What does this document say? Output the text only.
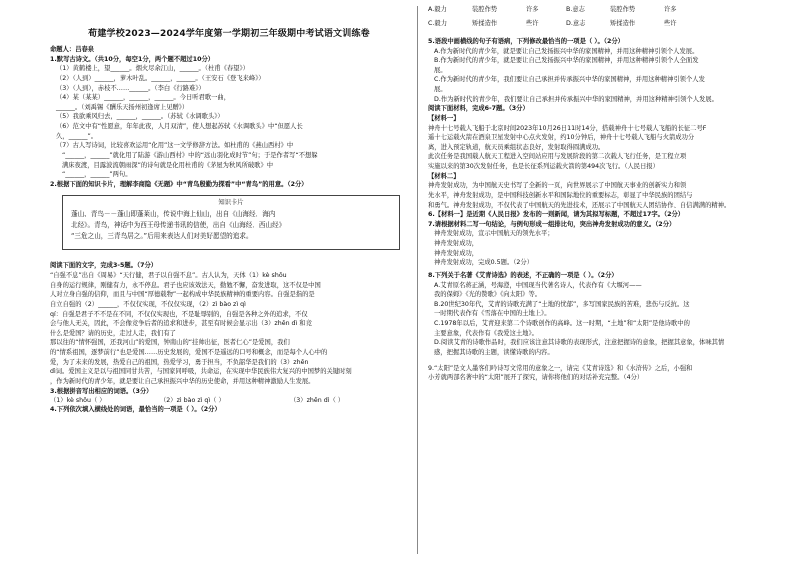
荀建学校2023—2024学年度第一学期初三年级期中考试语文训练卷
命题人：吕春泉
1.默写古诗文。（共10分，每空1分，两个题不超过10分）
（1）黄鹤楼上，望______。烟火尽余江山，______。（杜甫《春望》）
（2）（人到）______，萝木叶乱。______，______。（王安石《登飞来峰》）
（3）（人到），赤枝不……______。（李白《行路难》）
（4）某（某某）______，______，______。今日听君歌一曲，
______。（刘禹锡《酬乐天扬州初逢席上见赠》）
（5）我欲乘风归去，______，______。（苏轼《水调歌头》）
（6）范文中有“性愿意，年年此夜，人月双清”，使人想起苏轼《水调歌头》中“但愿人长
久，______”。
（7）古人写诗词，比较喜欢运用“化用”这一文学修辞方法。如杜甫的《燕山西村》中
“______，______”就化用了陆游《游山西村》中的“远山羽化成时节”句；于是作者写“不想躲
满床夜渡，目露波流朝雨深”的诗句就是化用杜甫的《茅屋为秋风所破歌》中
“______，______”两句。
2.根据下面的知识卡片，理解李商隐《无题》中“青鸟殷勤为探看”中“青鸟”的用意。（2分）
知识卡片
蓬山、青鸟－－蓬山即蓬莱山，传说中海上仙山，出自《山海经．海内
北经》。青鸟，神话中为西王母传递书讯的信使，出自《山海经．西山经》
“三危之山，三青鸟居之。”后用来表达人们对美好愿望的追求。
阅读下面的文字，完成3-5题。（7分）
“自强不息”出自《周易》“天行健，君子以自强不息”。古人认为，天体（1）kè shōu
自身的运行规律，刚健有力，永不停息。君子也应该效法天，勤勉不懈，奋发进取，这不仅是中国
人对立身自强的信仰，而且与中国“厚德载物”一起构成中华民族精神的重要内容。自强是指的是
自立自强的（2）______，不仅仅实现，不仅仅实现，（2）zì bào zì qì
qí：自强是君子不不是在不同，不仅仅实现也，不是耻辱别的，自强是各种之外的追求，不仅
会与他人无关，因此，不会像竞争后者的追求和进步，甚至有时候会显示出（3）zhēn dì 和竞
什么是爱国？请的历史，走过人走，我们有了
那以往的“情怀强国，还我河山”的爱国，钟南山的“挂帅出征，医者仁心”是爱国，我们
的“情系祖国，逐梦前行”也是爱国……历史发展的，爱国不是遥远的口号和概念，而是每个人心中的
爱，为了未来的发展，热爱自己的祖国，热爱学习，勇于担当，不负韶华是我们的（3）zhēn
dì词。爱国主义是以与祖国同甘共苦，与国家同呼吸，共命运，在实现中华民族伟大复兴的中国梦的关键时刻
，作为新时代的青少年，就是要让自己承担振兴中华的历史使命，并用这种精神激励人生发展。
3.根据拼音写出相应的词语。（3分）
（1）kè shōu（ ）	（2）zì bào zì qì（ ）	（3）zhēn dì（ ）
4.下列依次填入横线处的词语，最恰当的一项是（ ）。（2分）
A.毅力	装腔作势	许多	B.意志	装腔作势	许多
C.毅力	矫揉造作	些许	D.意志	矫揉造作	些许
5.语段中画横线的句子有语病，下列修改最恰当的一项是（ ）。（2分）
A.作为新时代的青少年，就是要让自己发扬振兴中华的家国精神，并用这种精神引领个人发展。
B.作为新时代的青少年，就是要让自己发扬振兴中华的家国精神，并用这种精神引领个人全面发
展。
C.作为新时代的青少年，我们要让自己承担并传承振兴中华的家国精神，并用这种精神引领个人发
展。
D.作为新时代的青少年，我们要让自己承担并传承振兴中华的家国精神，并用这种精神引领个人发展。
阅读下面材料，完成6-7题。（3分）
【材料一】
神舟十七号载人飞船于北京时间2023年10月26日11时14分，搭载神舟十七号载人飞船的长征二号F
遥十七运载火箭在酒泉卫星发射中心点火发射，约10分钟后，神舟十七号载人飞船与火箭成功分
离，进入预定轨道，航天员乘组状态良好，发射取得圆满成功。
此次任务是我国载人航天工程进入空间站应用与发展阶段的第二次载人飞行任务，是工程立项
实施以来的第30次发射任务，也是长征系列运载火箭的第494次飞行。（人民日报）
【材料二】
神舟发射成功，为中国航天史书写了全新的一页，向世界展示了中国航天事业的创新实力和领
先水平，神舟发射成功，是中国科技创新水平和国际地位的重要标志，彰显了中华民族的团结与
和勇气。神舟发射成功，不仅代表了中国航天的先进技术，还展示了中国航天人团结协作、自信满满的精神。
6.【材料一】是近期《人民日报》发布的一则新闻，请为其拟写标题，不超过17字。（2分）
7.请根据材料二写一句结论，与例句形成一组排比句，突出神舟发射成功的意义。（2分）
神舟发射成功，宣示中国航天的领先水平；
神舟发射成功，
神舟发射成功，
神舟发射成功，完成0.5题。（2分）
8.下列关于名著《艾青诗选》的表述，不正确的一项是（ ）。（2分）
A.艾青原名蒋正涵，号海澄，中国现当代著名诗人，代表作有《大堰河——
我的保姆》《光的赞歌》《向太阳》等。
B.20世纪30年代，艾青的诗歌充满了“土地的忧郁”，多写国家民族的苦难，悲伤与反抗。这
一时期代表作有《雪落在中国的土地上》。
C.1978年以后，艾青迎来第二个诗歌创作的高峰。这一时期，“土地”和“太阳”是他诗歌中的
主要意象，代表作有《我爱这土地》。
D.阅读艾青的诗歌作品时，我们应该注意其诗歌的表现形式，注意把握诗的意象，把握其意象，体味其情
感，把握其诗歌的主题，读懂诗歌的内容。
9.“太阳”是文人墨客们吟诗写文常用的意象之一，请完《艾青诗选》和《水浒传》之后，小强和
小芳就两部名著中的“太阳”展开了探究，请你将他们的对话补充完整。（4分）
